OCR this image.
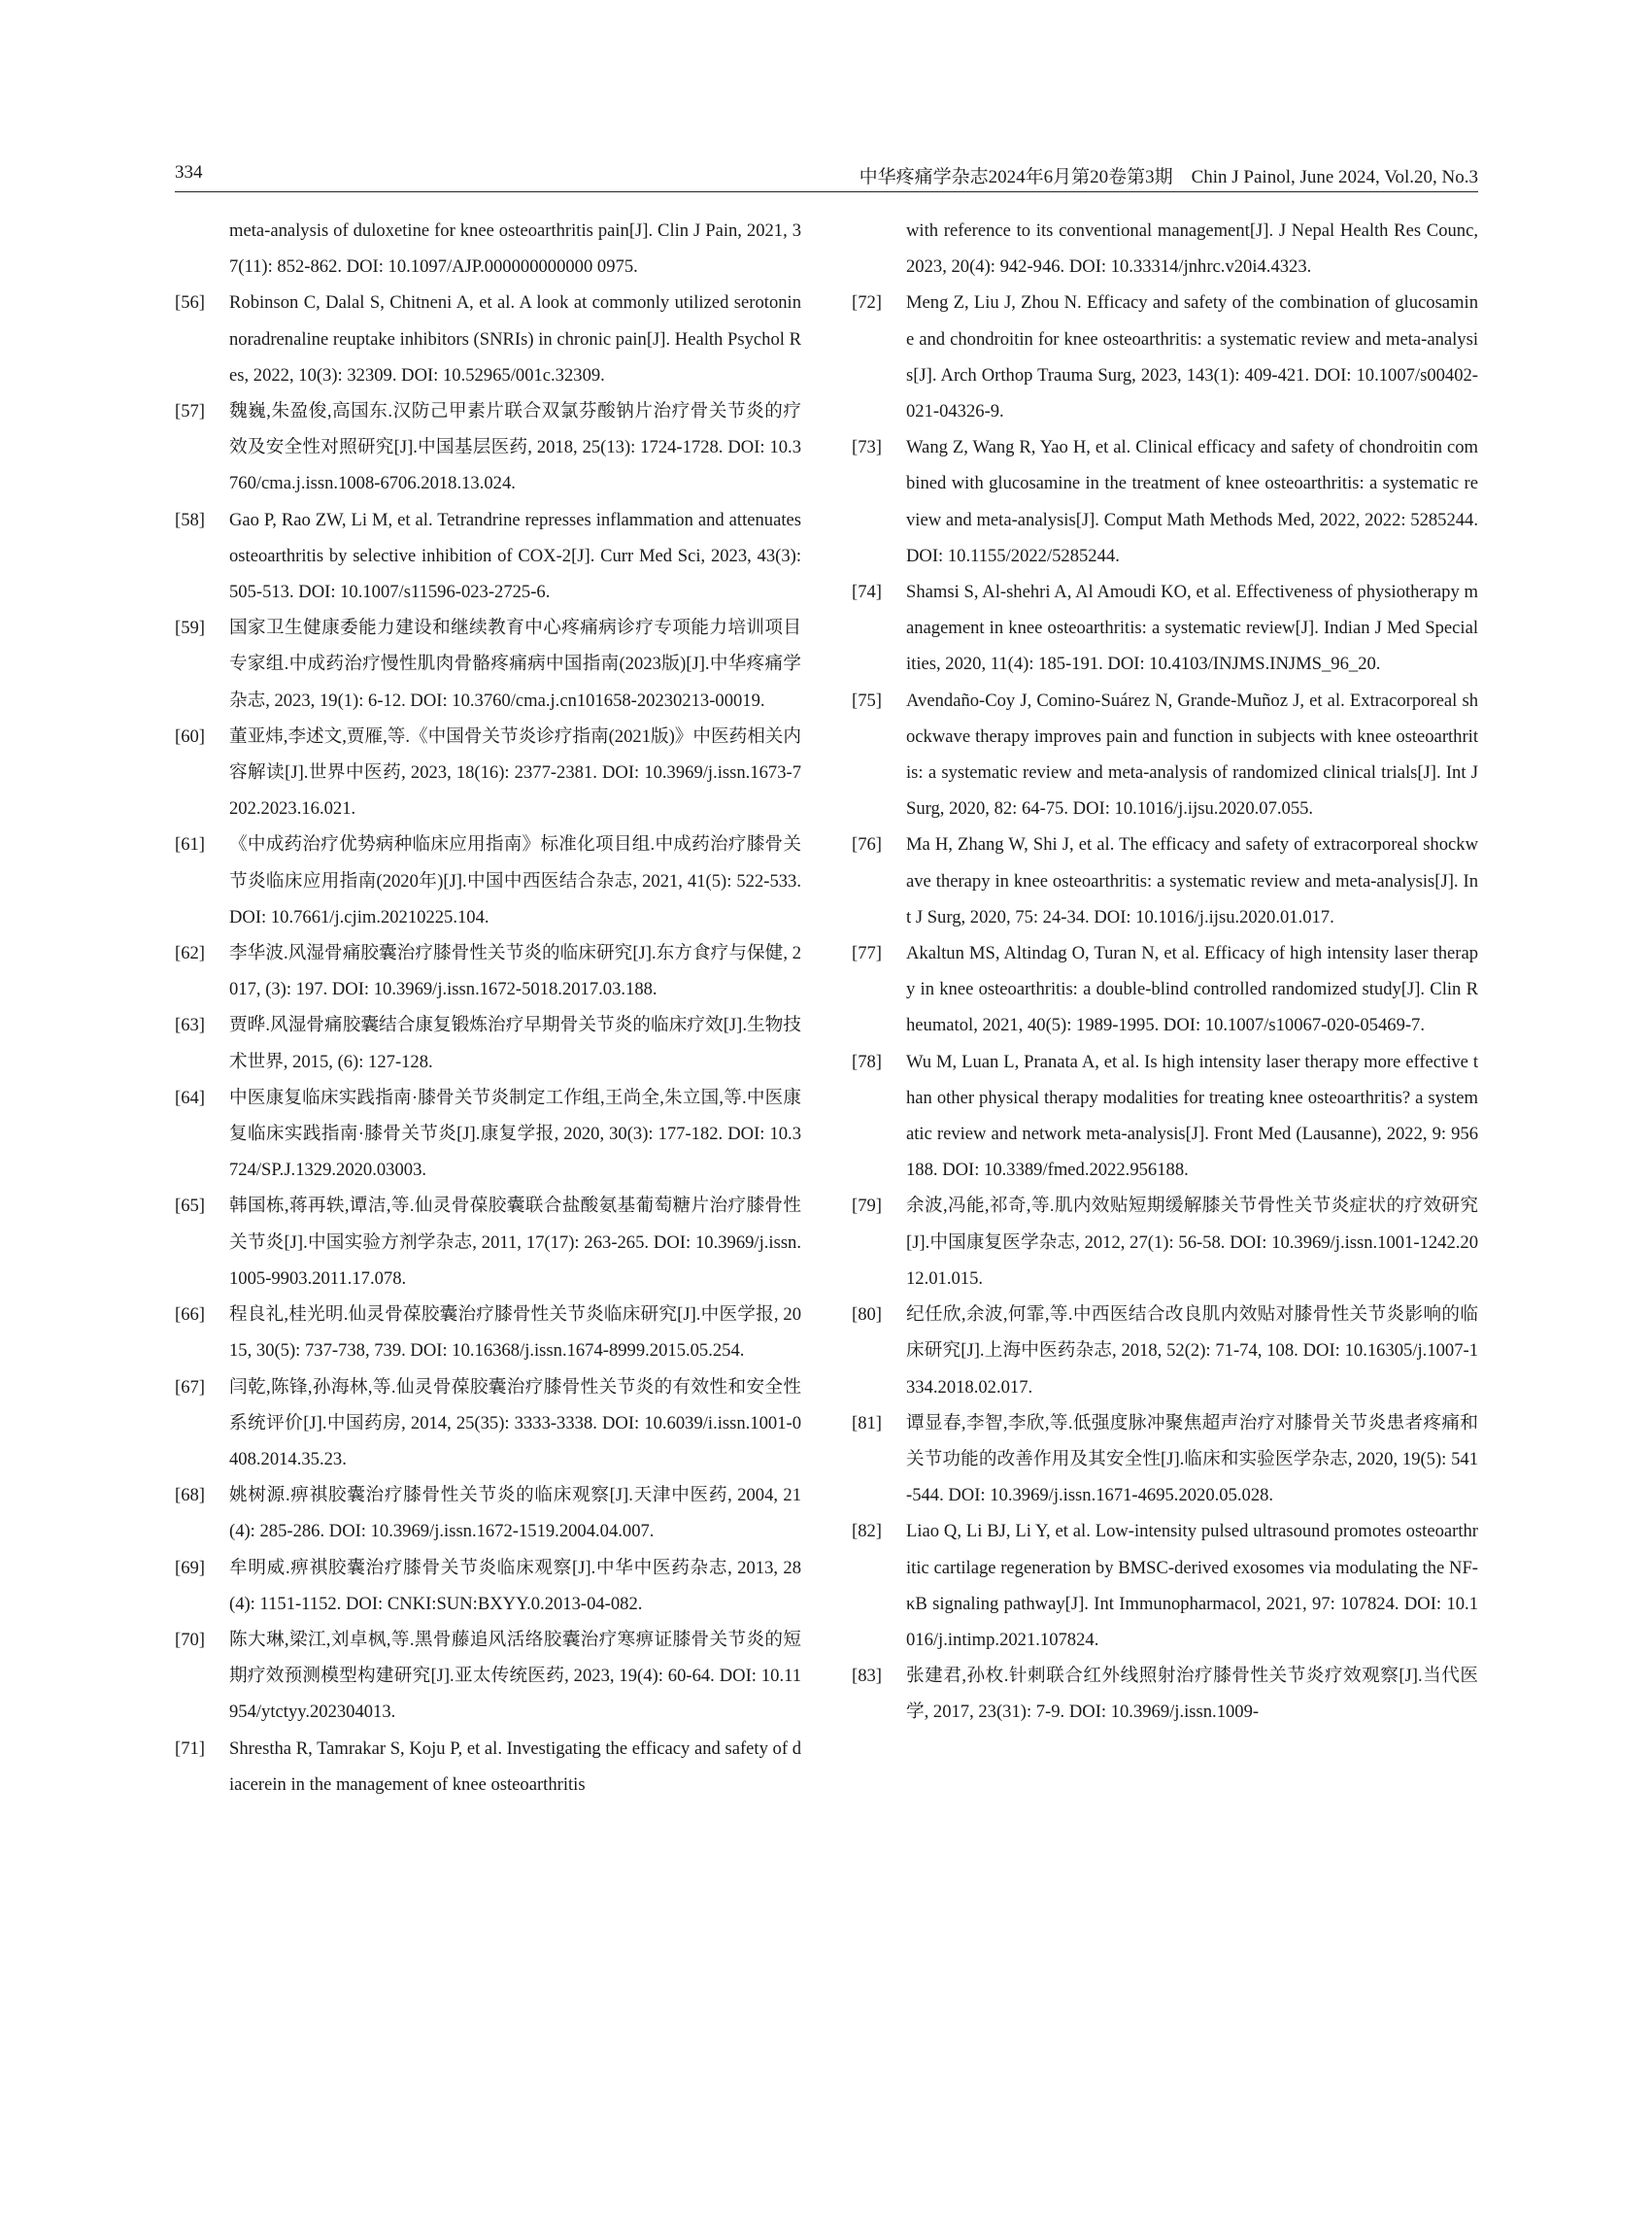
334	中华疼痛学杂志2024年6月第20卷第3期　Chin J Painol, June 2024, Vol.20, No.3
meta-analysis of duloxetine for knee osteoarthritis pain[J]. Clin J Pain, 2021, 37(11): 852-862. DOI: 10.1097/AJP.000000000000 0975.
[56] Robinson C, Dalal S, Chitneni A, et al. A look at commonly utilized serotonin noradrenaline reuptake inhibitors (SNRIs) in chronic pain[J]. Health Psychol Res, 2022, 10(3): 32309. DOI: 10.52965/001c.32309.
[57] 魏巍,朱盈俊,高国东.汉防己甲素片联合双氯芬酸钠片治疗骨关节炎的疗效及安全性对照研究[J].中国基层医药, 2018, 25(13): 1724-1728. DOI: 10.3760/cma.j.issn.1008-6706.2018.13.024.
[58] Gao P, Rao ZW, Li M, et al. Tetrandrine represses inflammation and attenuates osteoarthritis by selective inhibition of COX-2[J]. Curr Med Sci, 2023, 43(3): 505-513. DOI: 10.1007/s11596-023-2725-6.
[59] 国家卫生健康委能力建设和继续教育中心疼痛病诊疗专项能力培训项目专家组.中成药治疗慢性肌肉骨骼疼痛病中国指南(2023版)[J].中华疼痛学杂志, 2023, 19(1): 6-12. DOI: 10.3760/cma.j.cn101658-20230213-00019.
[60] 董亚炜,李述文,贾雁,等.《中国骨关节炎诊疗指南(2021版)》中医药相关内容解读[J].世界中医药, 2023, 18(16): 2377-2381. DOI: 10.3969/j.issn.1673-7202.2023.16.021.
[61] 《中成药治疗优势病种临床应用指南》标准化项目组.中成药治疗膝骨关节炎临床应用指南(2020年)[J].中国中西医结合杂志, 2021, 41(5): 522-533. DOI: 10.7661/j.cjim.20210225.104.
[62] 李华波.风湿骨痛胶囊治疗膝骨性关节炎的临床研究[J].东方食疗与保健, 2017, (3): 197. DOI: 10.3969/j.issn.1672-5018.2017.03.188.
[63] 贾晔.风湿骨痛胶囊结合康复锻炼治疗早期骨关节炎的临床疗效[J].生物技术世界, 2015, (6): 127-128.
[64] 中医康复临床实践指南·膝骨关节炎制定工作组,王尚全,朱立国,等.中医康复临床实践指南·膝骨关节炎[J].康复学报, 2020, 30(3): 177-182. DOI: 10.3724/SP.J.1329.2020.03003.
[65] 韩国栋,蒋再轶,谭洁,等.仙灵骨葆胶囊联合盐酸氨基葡萄糖片治疗膝骨性关节炎[J].中国实验方剂学杂志, 2011, 17(17): 263-265. DOI: 10.3969/j.issn.1005-9903.2011.17.078.
[66] 程良礼,桂光明.仙灵骨葆胶囊治疗膝骨性关节炎临床研究[J].中医学报, 2015, 30(5): 737-738, 739. DOI: 10.16368/j.issn.1674-8999.2015.05.254.
[67] 闫乾,陈锋,孙海林,等.仙灵骨葆胶囊治疗膝骨性关节炎的有效性和安全性系统评价[J].中国药房, 2014, 25(35): 3333-3338. DOI: 10.6039/i.issn.1001-0408.2014.35.23.
[68] 姚树源.痹祺胶囊治疗膝骨性关节炎的临床观察[J].天津中医药, 2004, 21(4): 285-286. DOI: 10.3969/j.issn.1672-1519.2004.04.007.
[69] 牟明威.痹祺胶囊治疗膝骨关节炎临床观察[J].中华中医药杂志, 2013, 28(4): 1151-1152. DOI: CNKI:SUN:BXYY.0.2013-04-082.
[70] 陈大琳,梁江,刘卓枫,等.黑骨藤追风活络胶囊治疗寒痹证膝骨关节炎的短期疗效预测模型构建研究[J].亚太传统医药, 2023, 19(4): 60-64. DOI: 10.11954/ytctyy.202304013.
[71] Shrestha R, Tamrakar S, Koju P, et al. Investigating the efficacy and safety of diacerein in the management of knee osteoarthritis
with reference to its conventional management[J]. J Nepal Health Res Counc, 2023, 20(4): 942-946. DOI: 10.33314/jnhrc.v20i4.4323.
[72] Meng Z, Liu J, Zhou N. Efficacy and safety of the combination of glucosamine and chondroitin for knee osteoarthritis: a systematic review and meta-analysis[J]. Arch Orthop Trauma Surg, 2023, 143(1): 409-421. DOI: 10.1007/s00402-021-04326-9.
[73] Wang Z, Wang R, Yao H, et al. Clinical efficacy and safety of chondroitin combined with glucosamine in the treatment of knee osteoarthritis: a systematic review and meta-analysis[J]. Comput Math Methods Med, 2022, 2022: 5285244. DOI: 10.1155/2022/5285244.
[74] Shamsi S, Al-shehri A, Al Amoudi KO, et al. Effectiveness of physiotherapy management in knee osteoarthritis: a systematic review[J]. Indian J Med Specialities, 2020, 11(4): 185-191. DOI: 10.4103/INJMS.INJMS_96_20.
[75] Avendaño-Coy J, Comino-Suárez N, Grande-Muñoz J, et al. Extracorporeal shockwave therapy improves pain and function in subjects with knee osteoarthritis: a systematic review and meta-analysis of randomized clinical trials[J]. Int J Surg, 2020, 82: 64-75. DOI: 10.1016/j.ijsu.2020.07.055.
[76] Ma H, Zhang W, Shi J, et al. The efficacy and safety of extracorporeal shockwave therapy in knee osteoarthritis: a systematic review and meta-analysis[J]. Int J Surg, 2020, 75: 24-34. DOI: 10.1016/j.ijsu.2020.01.017.
[77] Akaltun MS, Altindag O, Turan N, et al. Efficacy of high intensity laser therapy in knee osteoarthritis: a double-blind controlled randomized study[J]. Clin Rheumatol, 2021, 40(5): 1989-1995. DOI: 10.1007/s10067-020-05469-7.
[78] Wu M, Luan L, Pranata A, et al. Is high intensity laser therapy more effective than other physical therapy modalities for treating knee osteoarthritis? a systematic review and network meta-analysis[J]. Front Med (Lausanne), 2022, 9: 956188. DOI: 10.3389/fmed.2022.956188.
[79] 余波,冯能,祁奇,等.肌内效贴短期缓解膝关节骨性关节炎症状的疗效研究[J].中国康复医学杂志, 2012, 27(1): 56-58. DOI: 10.3969/j.issn.1001-1242.2012.01.015.
[80] 纪任欣,余波,何霏,等.中西医结合改良肌内效贴对膝骨性关节炎影响的临床研究[J].上海中医药杂志, 2018, 52(2): 71-74, 108. DOI: 10.16305/j.1007-1334.2018.02.017.
[81] 谭显春,李智,李欣,等.低强度脉冲聚焦超声治疗对膝骨关节炎患者疼痛和关节功能的改善作用及其安全性[J].临床和实验医学杂志, 2020, 19(5): 541-544. DOI: 10.3969/j.issn.1671-4695.2020.05.028.
[82] Liao Q, Li BJ, Li Y, et al. Low-intensity pulsed ultrasound promotes osteoarthritic cartilage regeneration by BMSC-derived exosomes via modulating the NF-κB signaling pathway[J]. Int Immunopharmacol, 2021, 97: 107824. DOI: 10.1016/j.intimp.2021.107824.
[83] 张建君,孙枚.针刺联合红外线照射治疗膝骨性关节炎疗效观察[J].当代医学, 2017, 23(31): 7-9. DOI: 10.3969/j.issn.1009-
